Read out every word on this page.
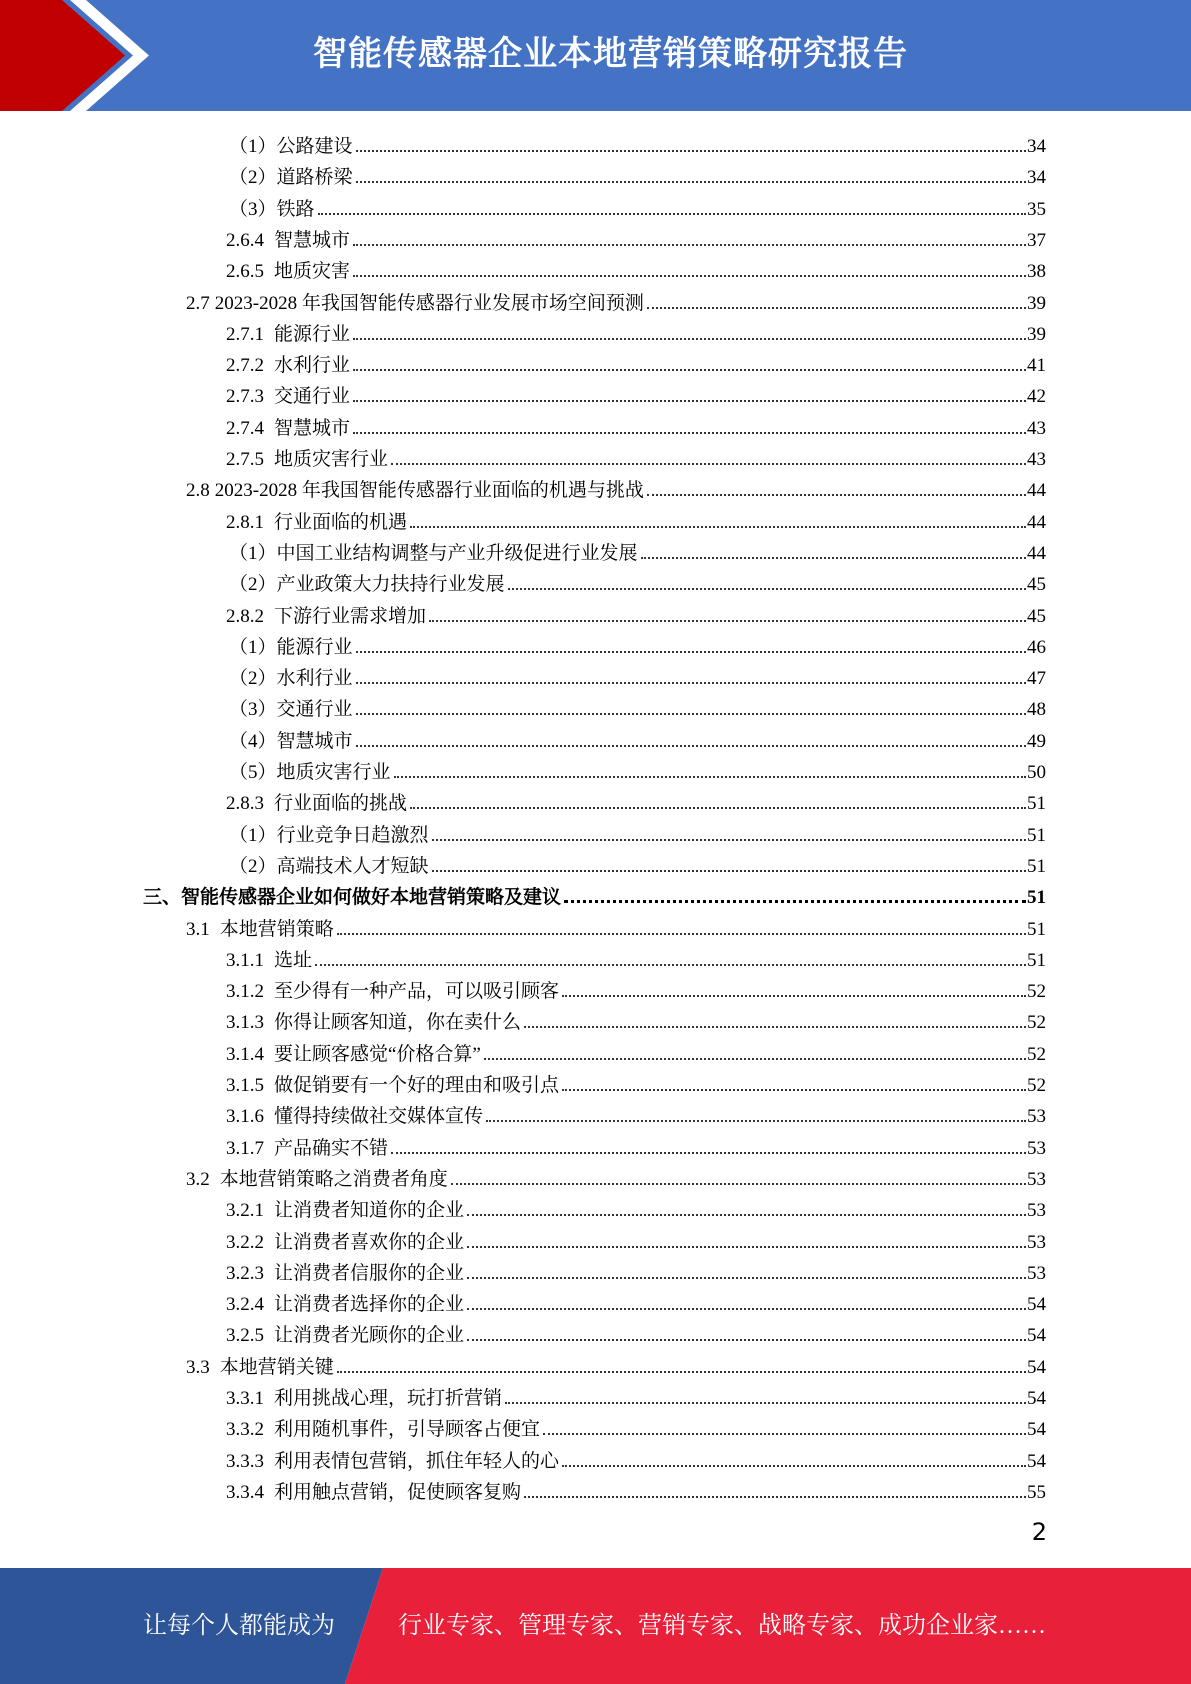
智能传感器企业本地营销策略研究报告
（1） 公路建设	34
（2） 道路桥梁	34
（3） 铁路	35
2.6.4 智慧城市	37
2.6.5 地质灾害	38
2.7 2023-2028 年我国智能传感器行业发展市场空间预测	39
2.7.1 能源行业	39
2.7.2 水利行业	41
2.7.3 交通行业	42
2.7.4 智慧城市	43
2.7.5 地质灾害行业	43
2.8 2023-2028 年我国智能传感器行业面临的机遇与挑战	44
2.8.1 行业面临的机遇	44
（1） 中国工业结构调整与产业升级促进行业发展	44
（2） 产业政策大力扶持行业发展	45
2.8.2 下游行业需求增加	45
（1） 能源行业	46
（2） 水利行业	47
（3） 交通行业	48
（4） 智慧城市	49
（5） 地质灾害行业	50
2.8.3 行业面临的挑战	51
（1） 行业竞争日趋激烈	51
（2） 高端技术人才短缺	51
三、 智能传感器企业如何做好本地营销策略及建议	51
3.1 本地营销策略	51
3.1.1 选址	51
3.1.2 至少得有一种产品，可以吸引顾客	52
3.1.3 你得让顾客知道，你在卖什么	52
3.1.4 要让顾客感觉“价格合算”	52
3.1.5 做促销要有一个好的理由和吸引点	52
3.1.6 懂得持续做社交媒体宣传	53
3.1.7 产品确实不错	53
3.2 本地营销策略之消费者角度	53
3.2.1 让消费者知道你的企业	53
3.2.2 让消费者喜欢你的企业	53
3.2.3 让消费者信服你的企业	53
3.2.4 让消费者选择你的企业	54
3.2.5 让消费者光顾你的企业	54
3.3 本地营销关键	54
3.3.1 利用挑战心理，玩打折营销	54
3.3.2 利用随机事件，引导顾客占便宜	54
3.3.3 利用表情包营销，抓住年轻人的心	54
3.3.4 利用触点营销，促使顾客复购	55
2
让每个人都能成为	行业专家、管理专家、营销专家、战略专家、成功企业家……
